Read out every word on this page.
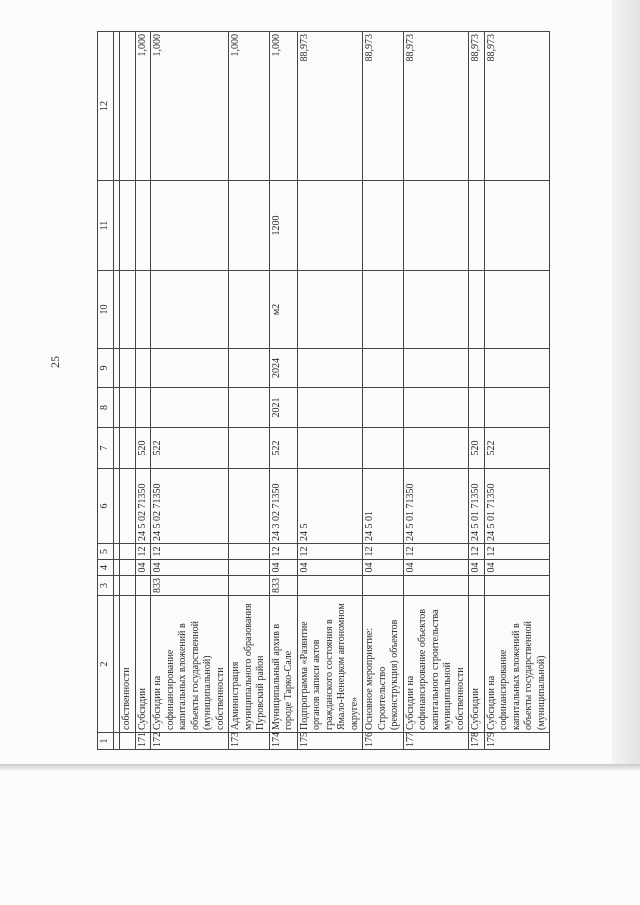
25
1	2	3	4	5	6	7	8	9	10	11	12

	собственности										
171	Субсидии		04	12	24 5 02 71350	520					1,000
172	Субсидии на софинансирование капитальных вложений в объекты государственной (муниципальной) собственности	833	04	12	24 5 02 71350	522					1,000
173	Администрация муниципального образования Пуровский район										1,000
174	Муниципальный архив в городе Тарко-Сале	833	04	12	24 3 02 71350	522	2021	2024	м2	1200	1,000
175	Подпрограмма «Развитие органов записи актов гражданского состояния в Ямало-Ненецком автономном округе»		04	12	24 5						88,973
176	Основное мероприятие: Строительство (реконструкция) объектов		04	12	24 5 01						88,973
177	Субсидии на софинансирование объектов капитального строительства муниципальной собственности		04	12	24 5 01 71350						88,973
178	Субсидии		04	12	24 5 01 71350	520					88,973
179	Субсидии на софинансирование капитальных вложений в объекты государственной (муниципальной)		04	12	24 5 01 71350	522					88,973
